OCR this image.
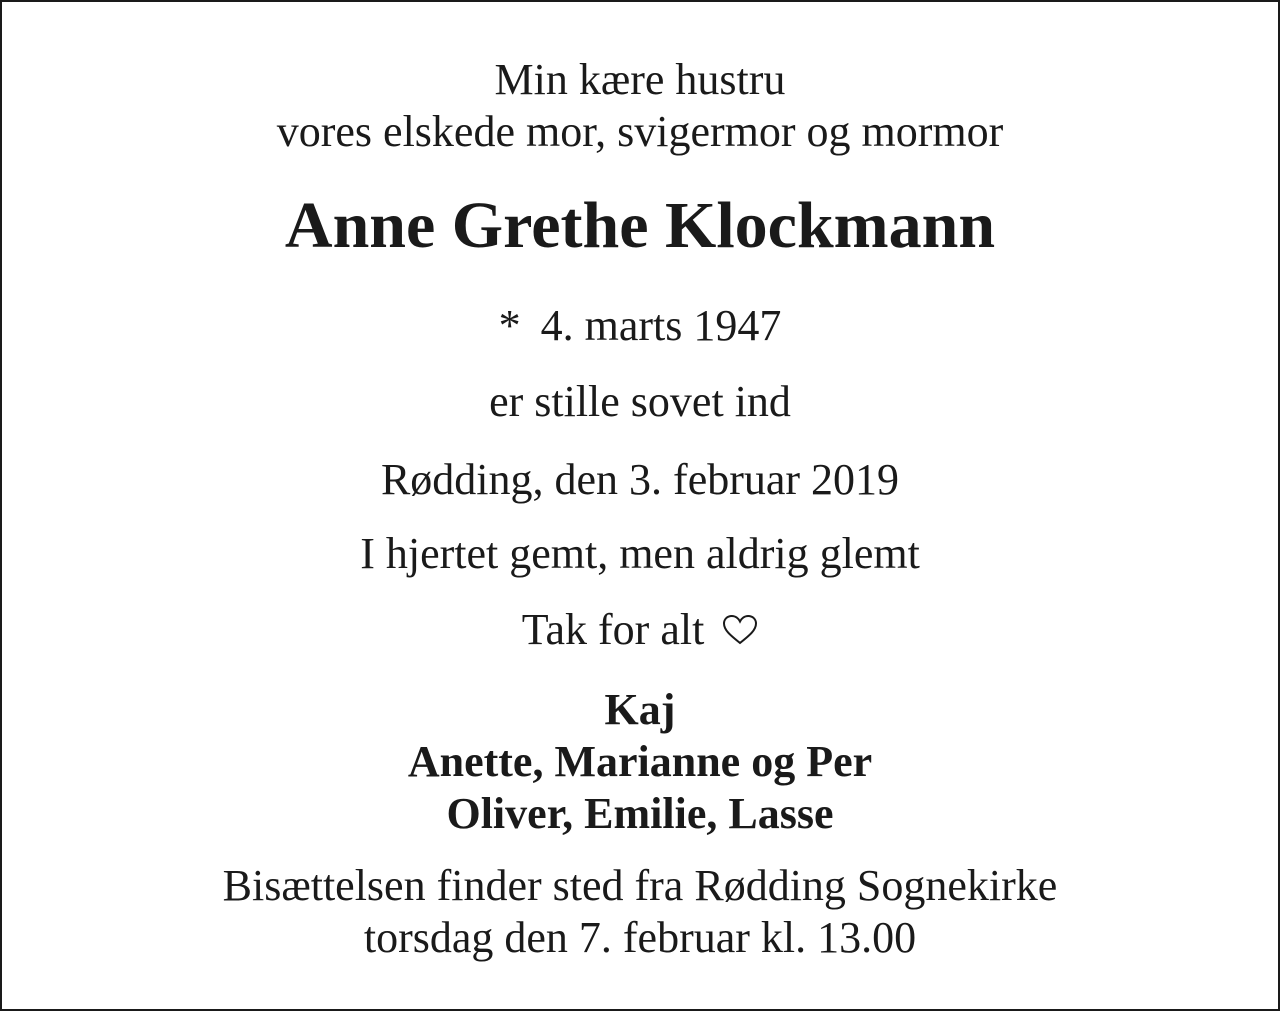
Min kære hustru
vores elskede mor, svigermor og mormor
Anne Grethe Klockmann
* 4. marts 1947
er stille sovet ind
Rødding, den 3. februar 2019
I hjertet gemt, men aldrig glemt
Tak for alt
Kaj
Anette, Marianne og Per
Oliver, Emilie, Lasse
Bisættelsen finder sted fra Rødding Sognekirke
torsdag den 7. februar kl. 13.00
